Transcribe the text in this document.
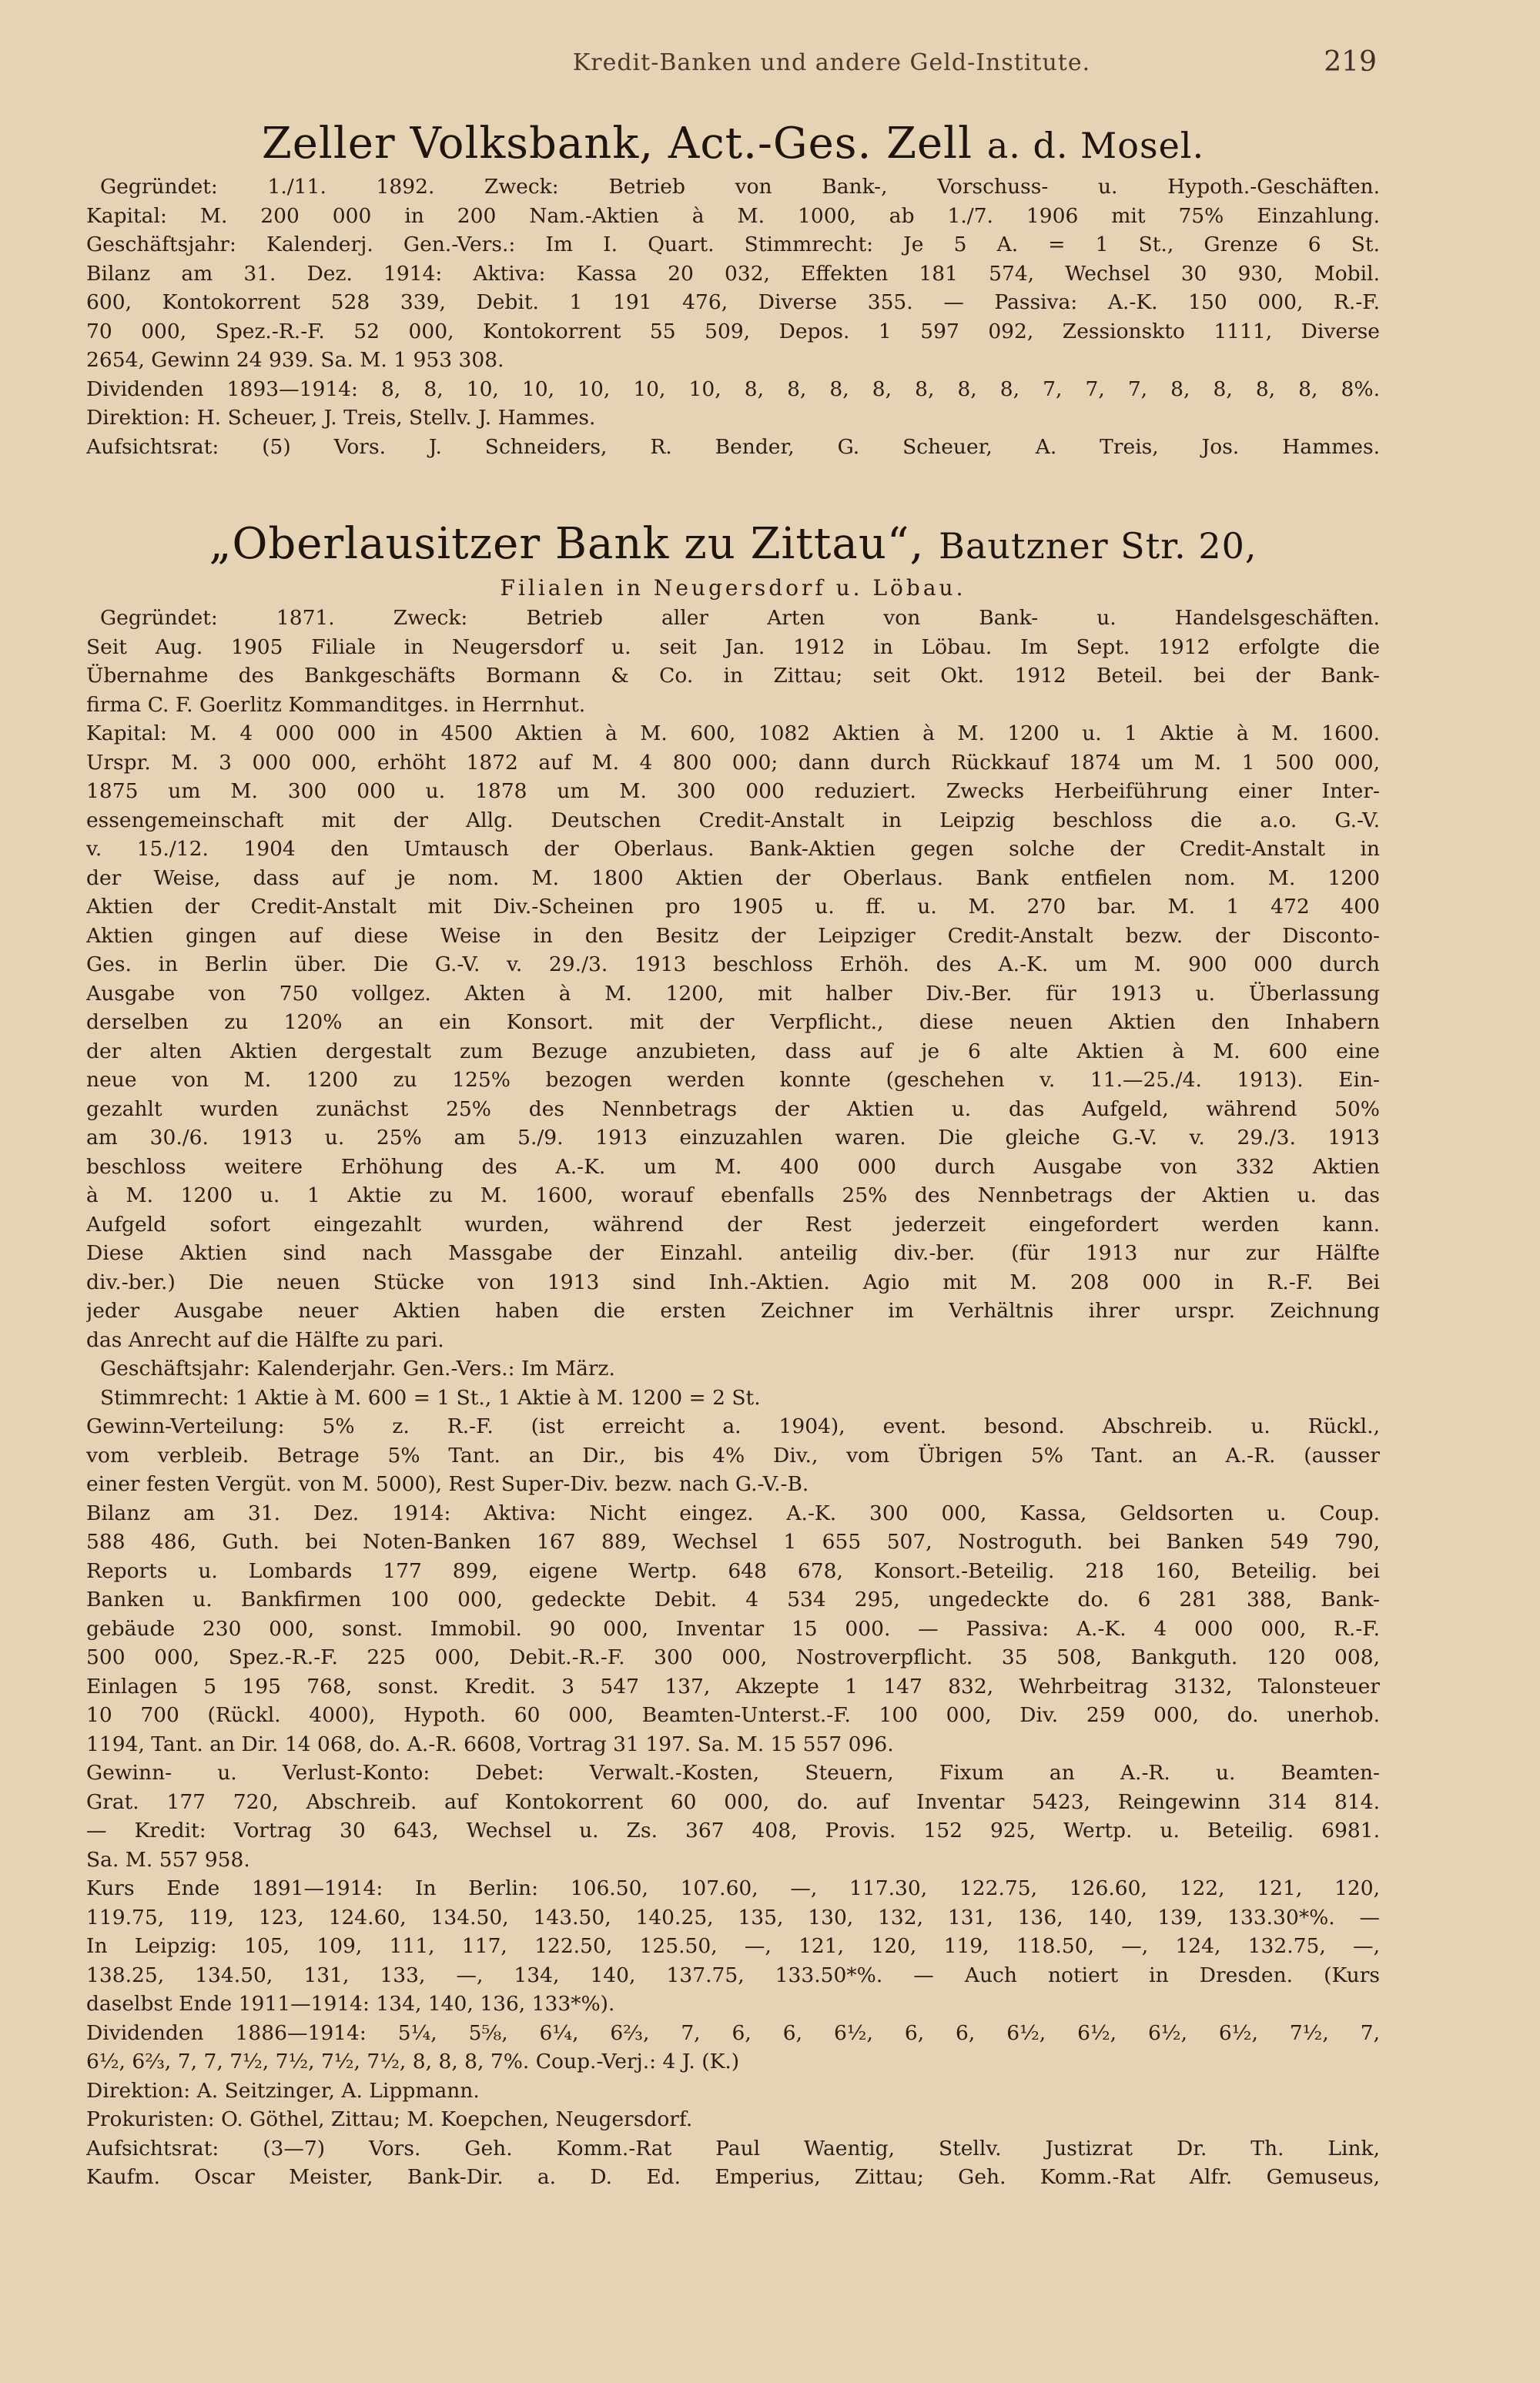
Kredit-Banken und andere Geld-Institute.	219
Zeller Volksbank, Act.-Ges. Zell a. d. Mosel.
Gegründet: 1./11. 1892. Zweck: Betrieb von Bank-, Vorschuss- u. Hypoth.-Geschäften.
Kapital: M. 200 000 in 200 Nam.-Aktien à M. 1000, ab 1./7. 1906 mit 75% Einzahlung.
Geschäftsjahr: Kalenderj. Gen.-Vers.: Im I. Quart. Stimmrecht: Je 5 A. = 1 St., Grenze 6 St.
Bilanz am 31. Dez. 1914: Aktiva: Kassa 20 032, Effekten 181 574, Wechsel 30 930, Mobil.
600, Kontokorrent 528 339, Debit. 1 191 476, Diverse 355. — Passiva: A.-K. 150 000, R.-F.
70 000, Spez.-R.-F. 52 000, Kontokorrent 55 509, Depos. 1 597 092, Zessionskto 1111, Diverse
2654, Gewinn 24 939. Sa. M. 1 953 308.
Dividenden 1893—1914: 8, 8, 10, 10, 10, 10, 10, 8, 8, 8, 8, 8, 8, 8, 7, 7, 7, 8, 8, 8, 8, 8%.
Direktion: H. Scheuer, J. Treis, Stellv. J. Hammes.
Aufsichtsrat: (5) Vors. J. Schneiders, R. Bender, G. Scheuer, A. Treis, Jos. Hammes.
„Oberlausitzer Bank zu Zittau“, Bautzner Str. 20,
Filialen in Neugersdorf u. Löbau.
Gegründet: 1871. Zweck: Betrieb aller Arten von Bank- u. Handelsgeschäften.
Seit Aug. 1905 Filiale in Neugersdorf u. seit Jan. 1912 in Löbau. Im Sept. 1912 erfolgte die
Übernahme des Bankgeschäfts Bormann & Co. in Zittau; seit Okt. 1912 Beteil. bei der Bank-
firma C. F. Goerlitz Kommanditges. in Herrnhut.
Kapital: M. 4 000 000 in 4500 Aktien à M. 600, 1082 Aktien à M. 1200 u. 1 Aktie à M. 1600.
Urspr. M. 3 000 000, erhöht 1872 auf M. 4 800 000; dann durch Rückkauf 1874 um M. 1 500 000,
1875 um M. 300 000 u. 1878 um M. 300 000 reduziert. Zwecks Herbeiführung einer Inter-
essengemeinschaft mit der Allg. Deutschen Credit-Anstalt in Leipzig beschloss die a.o. G.-V.
v. 15./12. 1904 den Umtausch der Oberlaus. Bank-Aktien gegen solche der Credit-Anstalt in
der Weise, dass auf je nom. M. 1800 Aktien der Oberlaus. Bank entfielen nom. M. 1200
Aktien der Credit-Anstalt mit Div.-Scheinen pro 1905 u. ff. u. M. 270 bar. M. 1 472 400
Aktien gingen auf diese Weise in den Besitz der Leipziger Credit-Anstalt bezw. der Disconto-
Ges. in Berlin über. Die G.-V. v. 29./3. 1913 beschloss Erhöh. des A.-K. um M. 900 000 durch
Ausgabe von 750 vollgez. Akten à M. 1200, mit halber Div.-Ber. für 1913 u. Überlassung
derselben zu 120% an ein Konsort. mit der Verpflicht., diese neuen Aktien den Inhabern
der alten Aktien dergestalt zum Bezuge anzubieten, dass auf je 6 alte Aktien à M. 600 eine
neue von M. 1200 zu 125% bezogen werden konnte (geschehen v. 11.—25./4. 1913). Ein-
gezahlt wurden zunächst 25% des Nennbetrags der Aktien u. das Aufgeld, während 50%
am 30./6. 1913 u. 25% am 5./9. 1913 einzuzahlen waren. Die gleiche G.-V. v. 29./3. 1913
beschloss weitere Erhöhung des A.-K. um M. 400 000 durch Ausgabe von 332 Aktien
à M. 1200 u. 1 Aktie zu M. 1600, worauf ebenfalls 25% des Nennbetrags der Aktien u. das
Aufgeld sofort eingezahlt wurden, während der Rest jederzeit eingefordert werden kann.
Diese Aktien sind nach Massgabe der Einzahl. anteilig div.-ber. (für 1913 nur zur Hälfte
div.-ber.) Die neuen Stücke von 1913 sind Inh.-Aktien. Agio mit M. 208 000 in R.-F. Bei
jeder Ausgabe neuer Aktien haben die ersten Zeichner im Verhältnis ihrer urspr. Zeichnung
das Anrecht auf die Hälfte zu pari.
Geschäftsjahr: Kalenderjahr. Gen.-Vers.: Im März.
Stimmrecht: 1 Aktie à M. 600 = 1 St., 1 Aktie à M. 1200 = 2 St.
Gewinn-Verteilung: 5% z. R.-F. (ist erreicht a. 1904), event. besond. Abschreib. u. Rückl.,
vom verbleib. Betrage 5% Tant. an Dir., bis 4% Div., vom Übrigen 5% Tant. an A.-R. (ausser
einer festen Vergüt. von M. 5000), Rest Super-Div. bezw. nach G.-V.-B.
Bilanz am 31. Dez. 1914: Aktiva: Nicht eingez. A.-K. 300 000, Kassa, Geldsorten u. Coup.
588 486, Guth. bei Noten-Banken 167 889, Wechsel 1 655 507, Nostroguth. bei Banken 549 790,
Reports u. Lombards 177 899, eigene Wertp. 648 678, Konsort.-Beteilig. 218 160, Beteilig. bei
Banken u. Bankfirmen 100 000, gedeckte Debit. 4 534 295, ungedeckte do. 6 281 388, Bank-
gebäude 230 000, sonst. Immobil. 90 000, Inventar 15 000. — Passiva: A.-K. 4 000 000, R.-F.
500 000, Spez.-R.-F. 225 000, Debit.-R.-F. 300 000, Nostroverpflicht. 35 508, Bankguth. 120 008,
Einlagen 5 195 768, sonst. Kredit. 3 547 137, Akzepte 1 147 832, Wehrbeitrag 3132, Talonsteuer
10 700 (Rückl. 4000), Hypoth. 60 000, Beamten-Unterst.-F. 100 000, Div. 259 000, do. unerhob.
1194, Tant. an Dir. 14 068, do. A.-R. 6608, Vortrag 31 197. Sa. M. 15 557 096.
Gewinn- u. Verlust-Konto: Debet: Verwalt.-Kosten, Steuern, Fixum an A.-R. u. Beamten-
Grat. 177 720, Abschreib. auf Kontokorrent 60 000, do. auf Inventar 5423, Reingewinn 314 814.
— Kredit: Vortrag 30 643, Wechsel u. Zs. 367 408, Provis. 152 925, Wertp. u. Beteilig. 6981.
Sa. M. 557 958.
Kurs Ende 1891—1914: In Berlin: 106.50, 107.60, —, 117.30, 122.75, 126.60, 122, 121, 120,
119.75, 119, 123, 124.60, 134.50, 143.50, 140.25, 135, 130, 132, 131, 136, 140, 139, 133.30*%. —
In Leipzig: 105, 109, 111, 117, 122.50, 125.50, —, 121, 120, 119, 118.50, —, 124, 132.75, —,
138.25, 134.50, 131, 133, —, 134, 140, 137.75, 133.50*%. — Auch notiert in Dresden. (Kurs
daselbst Ende 1911—1914: 134, 140, 136, 133*%).
Dividenden 1886—1914: 5¼, 5⅝, 6¼, 6⅔, 7, 6, 6, 6½, 6, 6, 6½, 6½, 6½, 6½, 7½, 7,
6½, 6⅔, 7, 7, 7½, 7½, 7½, 7½, 8, 8, 8, 7%. Coup.-Verj.: 4 J. (K.)
Direktion: A. Seitzinger, A. Lippmann.
Prokuristen: O. Göthel, Zittau; M. Koepchen, Neugersdorf.
Aufsichtsrat: (3—7) Vors. Geh. Komm.-Rat Paul Waentig, Stellv. Justizrat Dr. Th. Link,
Kaufm. Oscar Meister, Bank-Dir. a. D. Ed. Emperius, Zittau; Geh. Komm.-Rat Alfr. Gemuseus,
